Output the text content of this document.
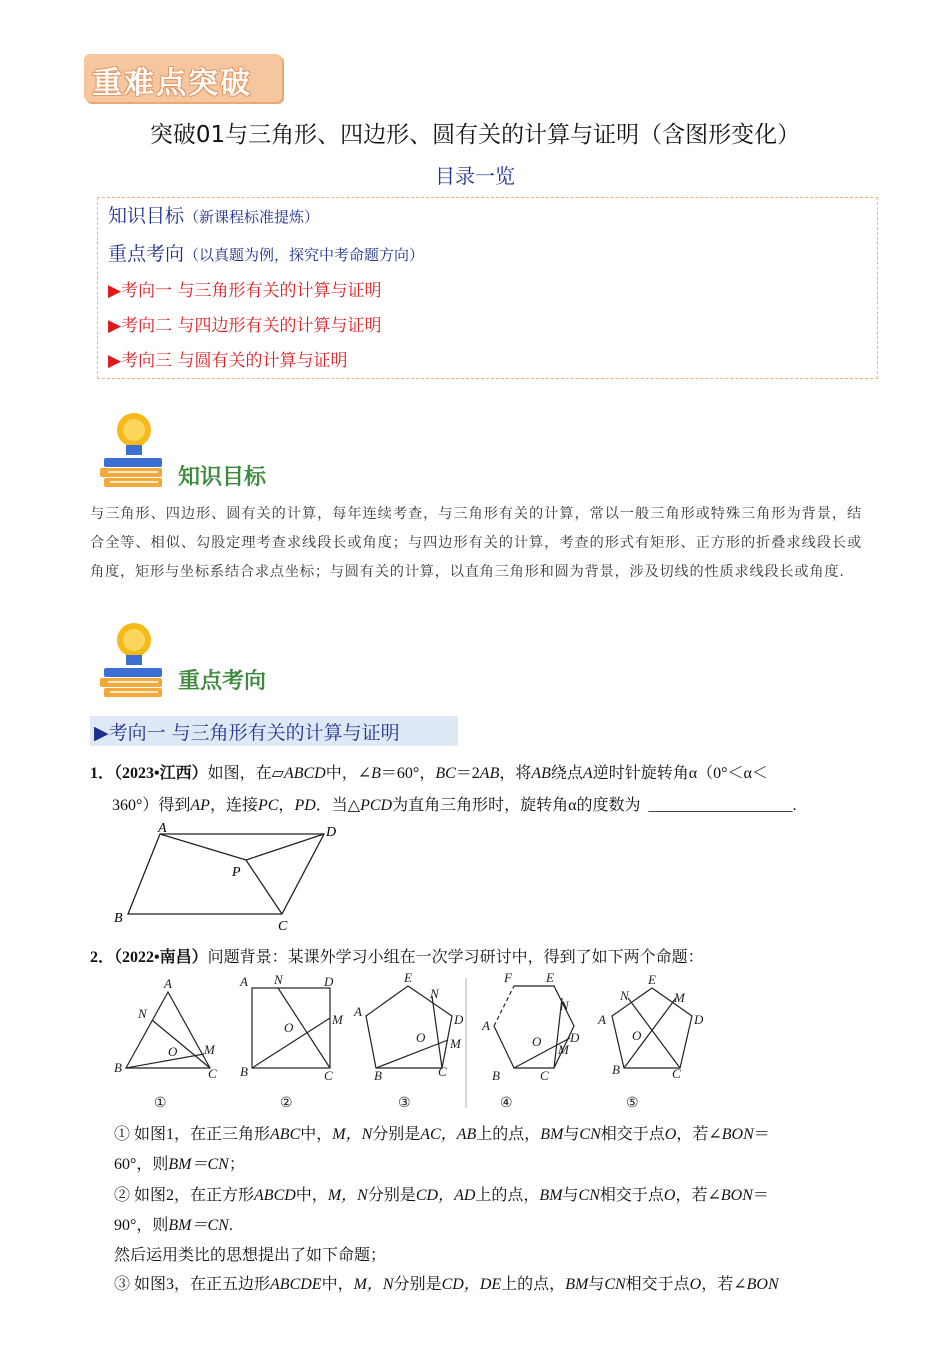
重难点突破
突破01与三角形、四边形、圆有关的计算与证明（含图形变化）
目录一览
知识目标（新课程标准提炼）
重点考向（以真题为例，探究中考命题方向）
▶考向一 与三角形有关的计算与证明
▶考向二 与四边形有关的计算与证明
▶考向三 与圆有关的计算与证明
知识目标
与三角形、四边形、圆有关的计算，每年连续考查，与三角形有关的计算，常以一般三角形或特殊三角形为背景，结合全等、相似、勾股定理考查求线段长或角度；与四边形有关的计算，考查的形式有矩形、正方形的折叠求线段长或角度，矩形与坐标系结合求点坐标；与圆有关的计算，以直角三角形和圆为背景，涉及切线的性质求线段长或角度.
重点考向
▶考向一 与三角形有关的计算与证明
1．（2023•江西）如图，在▱ABCD中，∠B＝60°，BC＝2AB，将AB绕点A逆时针旋转角α（0°＜α＜
360°）得到AP，连接PC，PD．当△PCD为直角三角形时，旋转角α的度数为 __________________.
A	D
P
B
C
2．（2022•南昌）问题背景：某课外学习小组在一次学习研讨中，得到了如下两个命题：
A
N
O M
B	C
A N	D
M
O
B	C
E
N
D
M
O
A
B	C
F	E
N
D
M
O
A
B	C
E
N	M
D
O
A
B	C
①	②	③	④	⑤
① 如图1，在正三角形ABC中，M，N分别是AC，AB上的点，BM与CN相交于点O，若∠BON＝
60°，则BM＝CN；
② 如图2，在正方形ABCD中，M，N分别是CD，AD上的点，BM与CN相交于点O，若∠BON＝
90°，则BM＝CN.
然后运用类比的思想提出了如下命题；
③ 如图3，在正五边形ABCDE中，M，N分别是CD，DE上的点，BM与CN相交于点O，若∠BON
